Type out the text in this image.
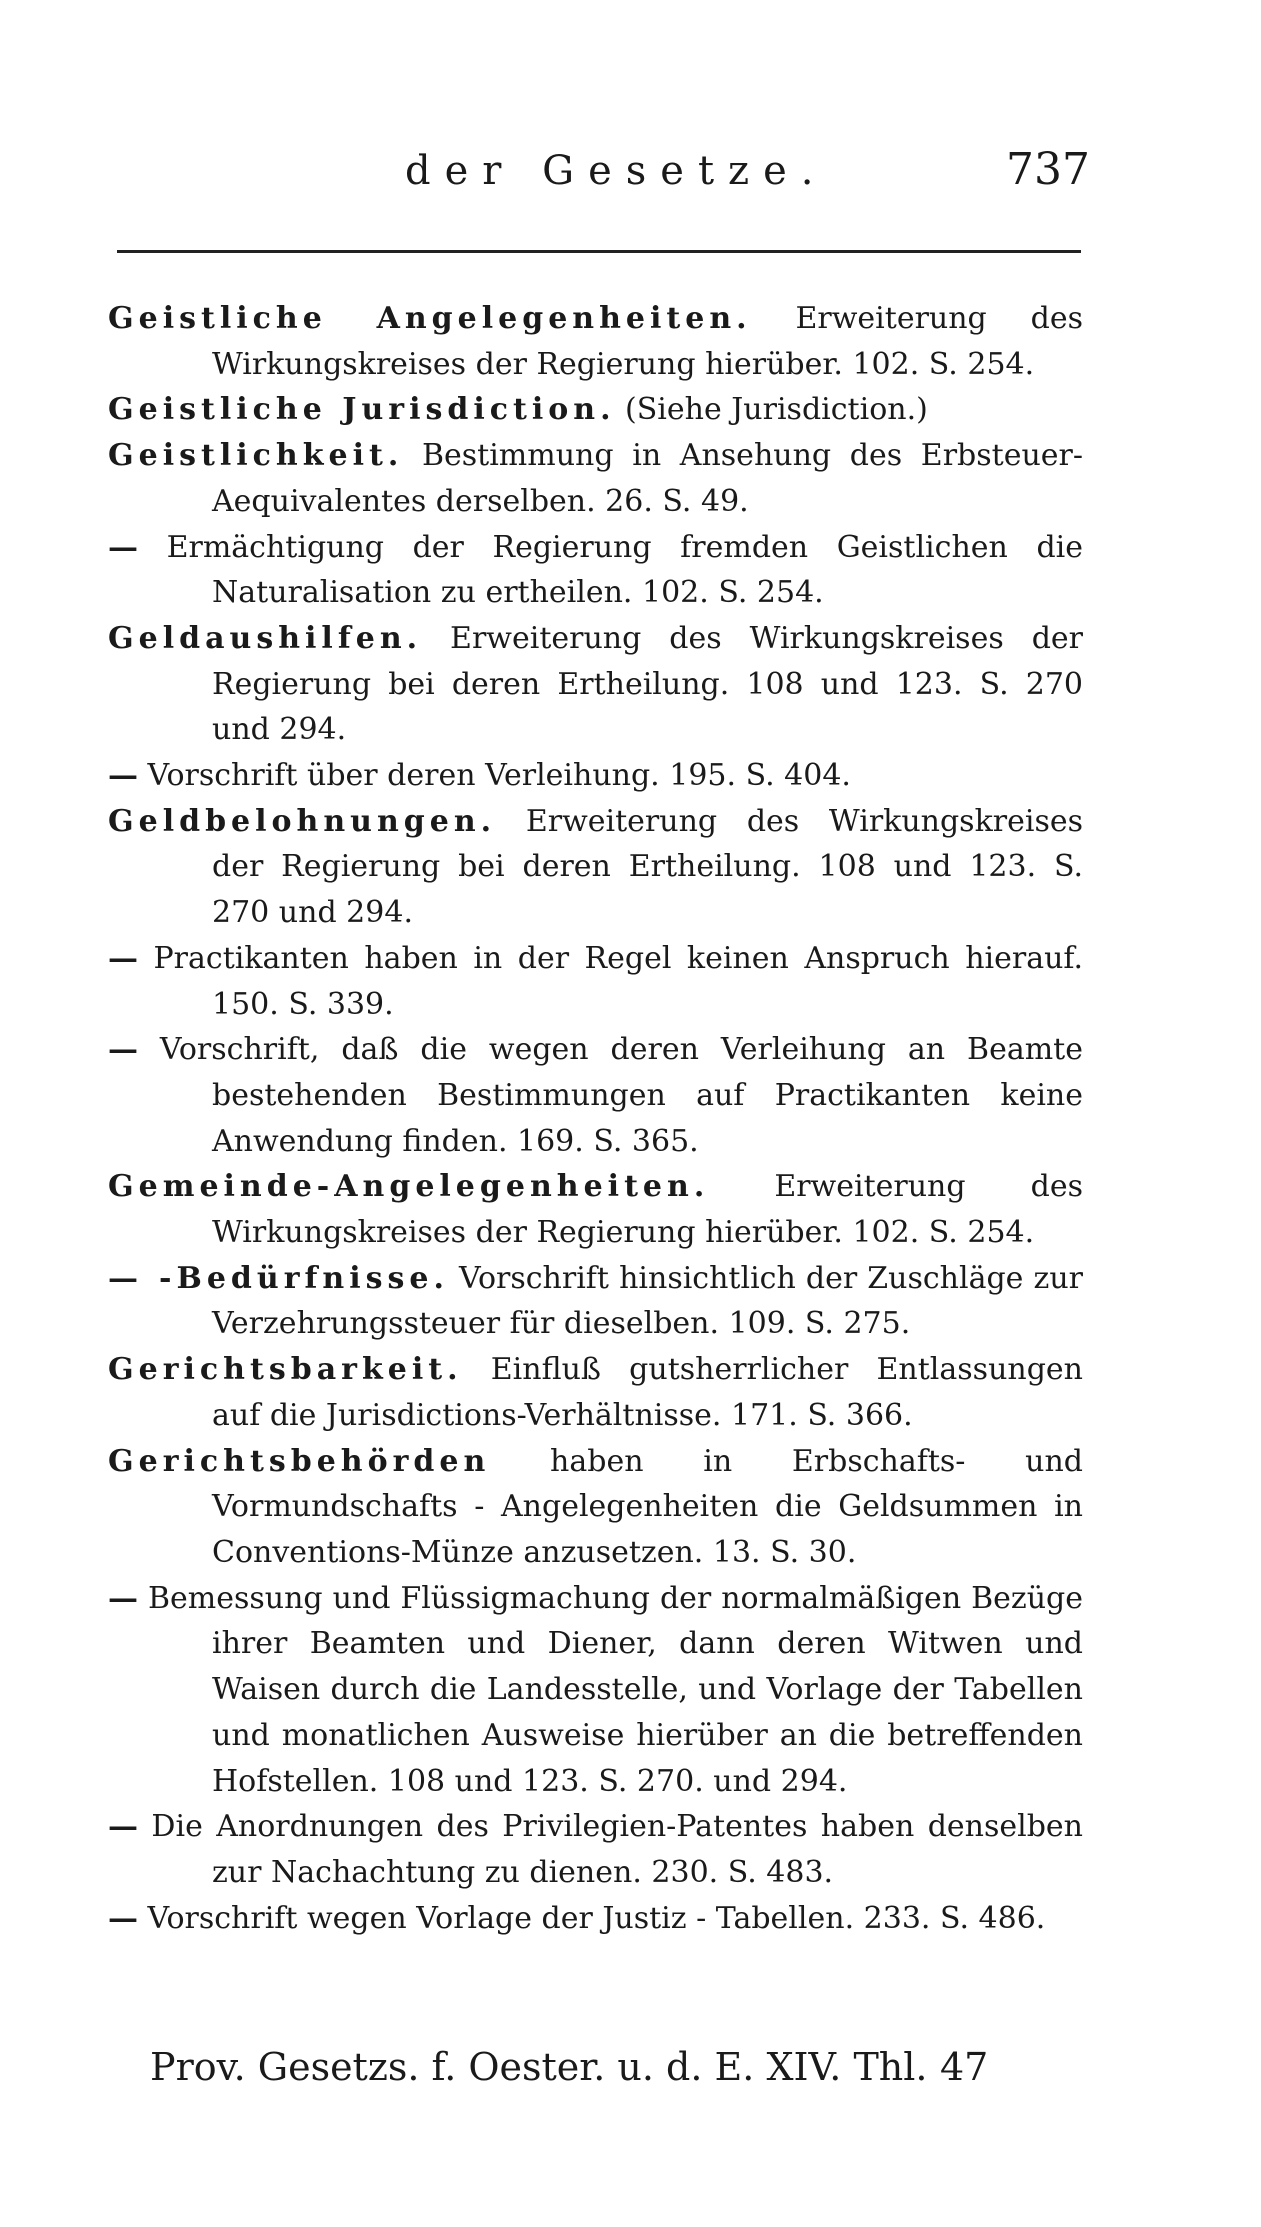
der Gesetze.	737

Geistliche Angelegenheiten. Erweiterung des Wirkungskreises der Regierung hierüber. 102. S. 254.

Geistliche Jurisdiction. (Siehe Jurisdiction.)

Geistlichkeit. Bestimmung in Ansehung des Erbsteuer-Aequivalentes derselben. 26. S. 49.

— Ermächtigung der Regierung fremden Geistlichen die Naturalisation zu ertheilen. 102. S. 254.

Geldaushilfen. Erweiterung des Wirkungskreises der Regierung bei deren Ertheilung. 108 und 123. S. 270 und 294.

— Vorschrift über deren Verleihung. 195. S. 404.

Geldbelohnungen. Erweiterung des Wirkungskreises der Regierung bei deren Ertheilung. 108 und 123. S. 270 und 294.

— Practikanten haben in der Regel keinen Anspruch hierauf. 150. S. 339.

— Vorschrift, daß die wegen deren Verleihung an Beamte bestehenden Bestimmungen auf Practikanten keine Anwendung finden. 169. S. 365.

Gemeinde-Angelegenheiten. Erweiterung des Wirkungskreises der Regierung hierüber. 102. S. 254.

— -Bedürfnisse. Vorschrift hinsichtlich der Zuschläge zur Verzehrungssteuer für dieselben. 109. S. 275.

Gerichtsbarkeit. Einfluß gutsherrlicher Entlassungen auf die Jurisdictions-Verhältnisse. 171. S. 366.

Gerichtsbehörden haben in Erbschafts- und Vormundschafts - Angelegenheiten die Geldsummen in Conventions-Münze anzusetzen. 13. S. 30.

— Bemessung und Flüssigmachung der normalmäßigen Bezüge ihrer Beamten und Diener, dann deren Witwen und Waisen durch die Landesstelle, und Vorlage der Tabellen und monatlichen Ausweise hierüber an die betreffenden Hofstellen. 108 und 123. S. 270. und 294.

— Die Anordnungen des Privilegien-Patentes haben denselben zur Nachachtung zu dienen. 230. S. 483.

— Vorschrift wegen Vorlage der Justiz - Tabellen. 233. S. 486.

Prov. Gesetzs. f. Oester. u. d. E. XIV. Thl. 47
